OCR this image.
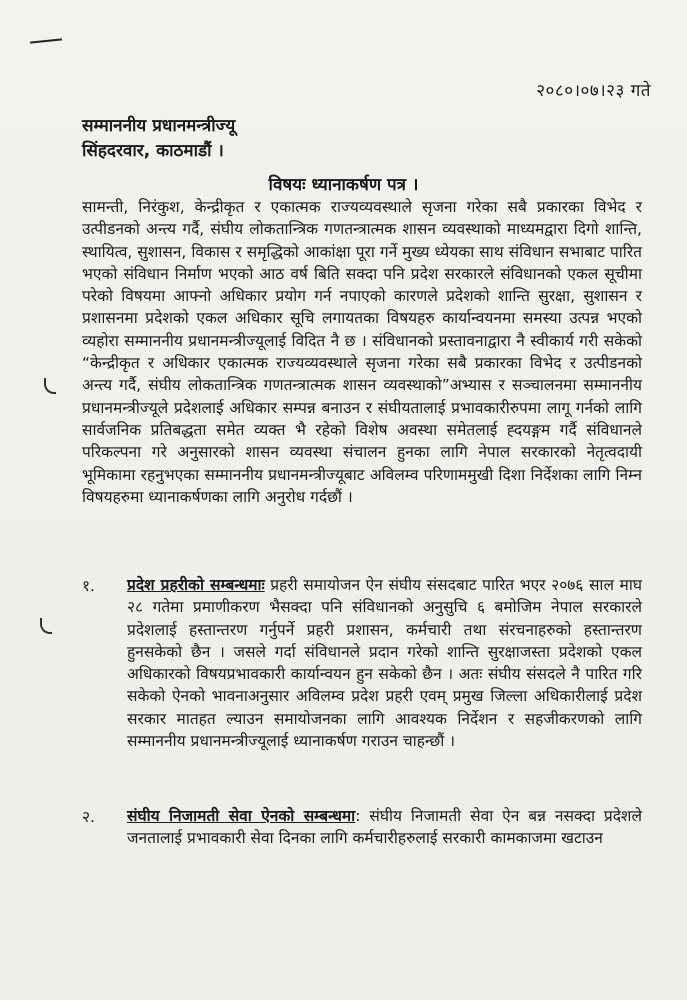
२०८०।०७।२३ गते
सम्माननीय प्रधानमन्त्रीज्यू
सिंहदरवार, काठमाडौं ।
विषयः ध्यानाकर्षण पत्र ।

सामन्ती, निरंकुश, केन्द्रीकृत र एकात्मक राज्यव्यवस्थाले सृजना गरेका सबै प्रकारका विभेद र उत्पीडनको अन्त्य गर्दै, संघीय लोकतान्त्रिक गणतन्त्रात्मक शासन व्यवस्थाको माध्यमद्वारा दिगो शान्ति, स्थायित्व, सुशासन, विकास र समृद्धिको आकांक्षा पूरा गर्ने मुख्य ध्येयका साथ संविधान सभाबाट पारित भएको संविधान निर्माण भएको आठ वर्ष बिति सक्दा पनि प्रदेश सरकारले संविधानको एकल सूचीमा परेको विषयमा आफ्नो अधिकार प्रयोग गर्न नपाएको कारणले प्रदेशको शान्ति सुरक्षा, सुशासन र प्रशासनमा प्रदेशको एकल अधिकार सूचि लगायतका विषयहरु कार्यान्वयनमा समस्या उत्पन्न भएको व्यहोरा सम्माननीय प्रधानमन्त्रीज्यूलाई विदित नै छ । संविधानको प्रस्तावनाद्वारा नै स्वीकार्य गरी सकेको “केन्द्रीकृत र अधिकार एकात्मक राज्यव्यवस्थाले सृजना गरेका सबै प्रकारका विभेद र उत्पीडनको अन्त्य गर्दै, संघीय लोकतान्त्रिक गणतन्त्रात्मक शासन व्यवस्थाको”अभ्यास र सञ्चालनमा सम्माननीय प्रधानमन्त्रीज्यूले प्रदेशलाई अधिकार सम्पन्न बनाउन र संघीयतालाई प्रभावकारीरुपमा लागू गर्नको लागि सार्वजनिक प्रतिबद्धता समेत व्यक्त भै रहेको विशेष अवस्था समेतलाई ह्दयङ्गम गर्दै संविधानले परिकल्पना गरे अनुसारको शासन व्यवस्था संचालन हुनका लागि नेपाल सरकारको नेतृत्वदायी भूमिकामा रहनुभएका सम्माननीय प्रधानमन्त्रीज्यूबाट अविलम्व परिणाममुखी दिशा निर्देशका लागि निम्न विषयहरुमा ध्यानाकर्षणका लागि अनुरोध गर्दछौं ।

१. प्रदेश प्रहरीको सम्बन्धमाः प्रहरी समायोजन ऐन संघीय संसदबाट पारित भएर २०७६ साल माघ २८ गतेमा प्रमाणीकरण भैसक्दा पनि संविधानको अनुसुचि ६ बमोजिम नेपाल सरकारले प्रदेशलाई हस्तान्तरण गर्नुपर्ने प्रहरी प्रशासन, कर्मचारी तथा संरचनाहरुको हस्तान्तरण हुनसकेको छैन । जसले गर्दा संविधानले प्रदान गरेको शान्ति सुरक्षाजस्ता प्रदेशको एकल अधिकारको विषयप्रभावकारी कार्यान्वयन हुन सकेको छैन । अतः संघीय संसदले नै पारित गरि सकेको ऐनको भावनाअनुसार अविलम्व प्रदेश प्रहरी एवम् प्रमुख जिल्ला अधिकारीलाई प्रदेश सरकार मातहत ल्याउन समायोजनका लागि आवश्यक निर्देशन र सहजीकरणको लागि सम्माननीय प्रधानमन्त्रीज्यूलाई ध्यानाकर्षण गराउन चाहन्छौं ।
२. संघीय निजामती सेवा ऐनको सम्बन्धमा: संघीय निजामती सेवा ऐन बन्न नसक्दा प्रदेशले जनतालाई प्रभावकारी सेवा दिनका लागि कर्मचारीहरुलाई सरकारी कामकाजमा खटाउन
